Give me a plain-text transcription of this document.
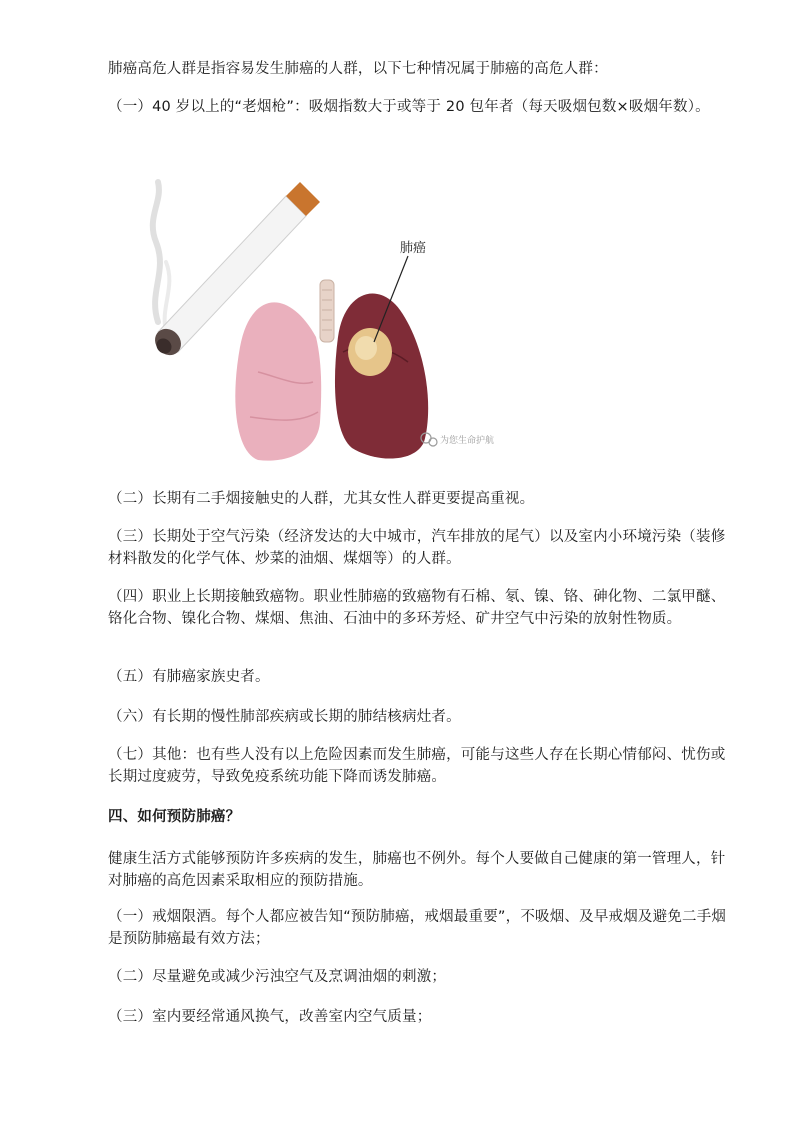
肺癌高危人群是指容易发生肺癌的人群，以下七种情况属于肺癌的高危人群：

（一）40 岁以上的“老烟枪”：吸烟指数大于或等于 20 包年者（每天吸烟包数×吸烟年数）。

肺癌
为您生命护航

（二）长期有二手烟接触史的人群，尤其女性人群更要提高重视。

（三）长期处于空气污染（经济发达的大中城市，汽车排放的尾气）以及室内小环境污染（装修材料散发的化学气体、炒菜的油烟、煤烟等）的人群。

（四）职业上长期接触致癌物。职业性肺癌的致癌物有石棉、氡、镍、铬、砷化物、二氯甲醚、铬化合物、镍化合物、煤烟、焦油、石油中的多环芳烃、矿井空气中污染的放射性物质。

（五）有肺癌家族史者。

（六）有长期的慢性肺部疾病或长期的肺结核病灶者。

（七）其他：也有些人没有以上危险因素而发生肺癌，可能与这些人存在长期心情郁闷、忧伤或长期过度疲劳，导致免疫系统功能下降而诱发肺癌。

四、如何预防肺癌？

健康生活方式能够预防许多疾病的发生，肺癌也不例外。每个人要做自己健康的第一管理人，针对肺癌的高危因素采取相应的预防措施。

（一）戒烟限酒。每个人都应被告知“预防肺癌，戒烟最重要”，不吸烟、及早戒烟及避免二手烟是预防肺癌最有效方法；

（二）尽量避免或减少污浊空气及烹调油烟的刺激；

（三）室内要经常通风换气，改善室内空气质量；
